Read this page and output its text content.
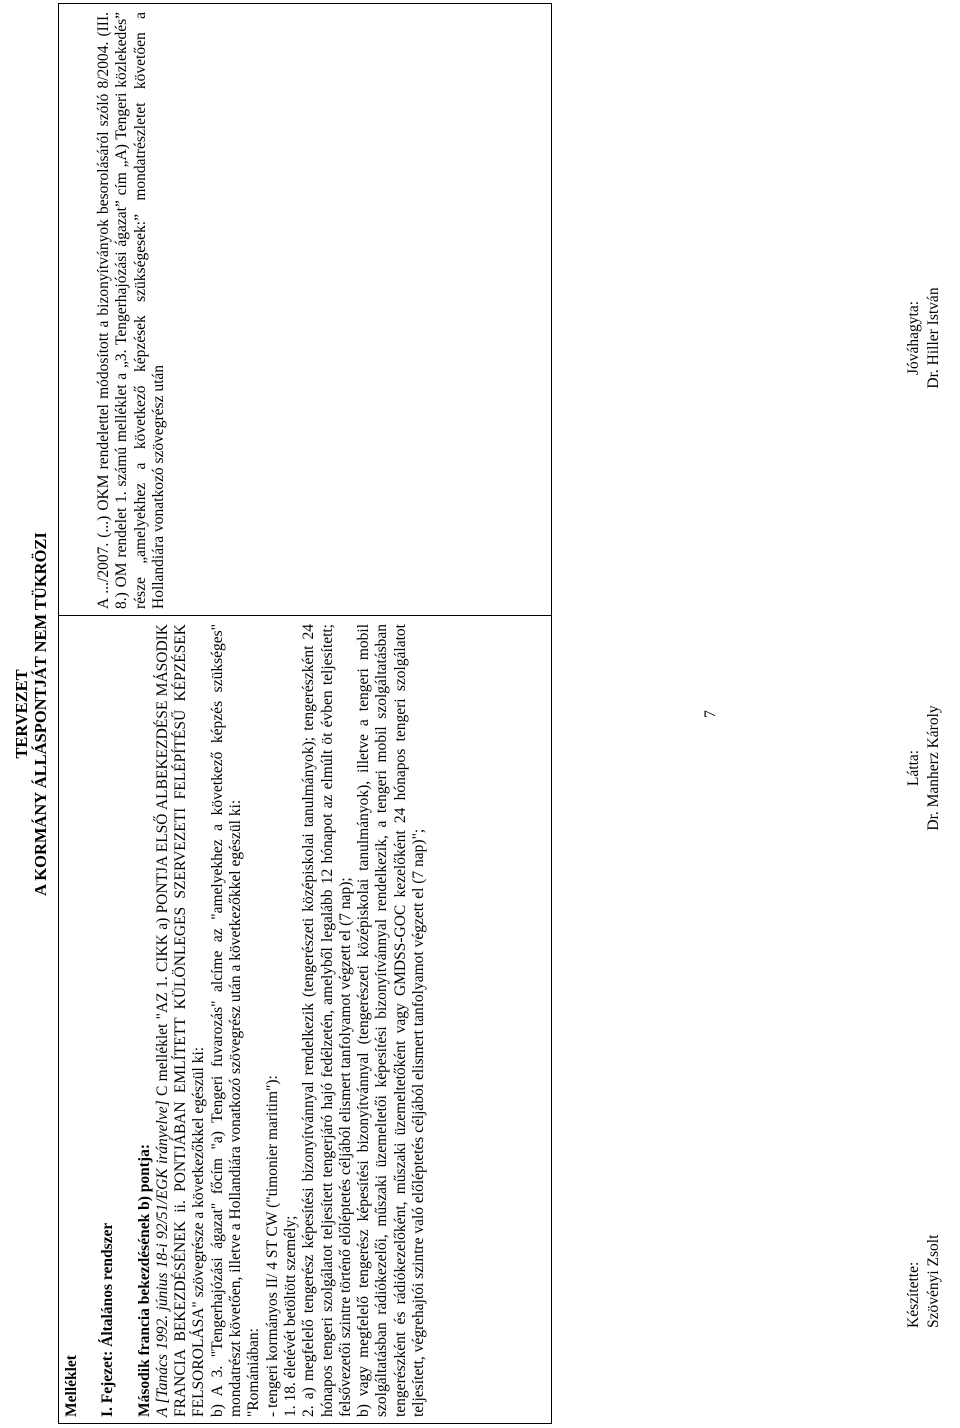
TERVEZET A KORMÁNY ÁLLÁSPONTJÁT NEM TÜKRÖZI
Melléklet I. Fejezet: Általános rendszer Második francia bekezdésének b) pontja: A [Tanács 1992. június 18-i 92/51/EGK irányelve] C melléklet "AZ 1. CIKK a) PONTJA ELSŐ ALBEKEZDÉSE MÁSODIK FRANCIA BEKEZDÉSÉNEK ii. PONTJÁBAN EMLÍTETT KÜLÖNLEGES SZERVEZETI FELÉPÍTÉSŰ KÉPZÉSEK FELSOROLÁSA" szövegrésze a következőkkel egészül ki: b) A 3. "Tengerhajózási ágazat" főcím "a) Tengeri fuvarozás" alcíme az "amelyekhez a következő képzés szükséges" mondatrészt követően, illetve a Hollandiára vonatkozó szövegrész után a következőkkel egészül ki: "Romániában: - tengeri kormányos II/ 4 ST CW ("timonier maritim"): 1. 18. életévét betöltött személy; 2. a) megfelelő tengerész képesítési bizonyítvánnyal rendelkezik (tengerészeti középiskolai tanulmányok); tengerészként 24 hónapos tengeri szolgálatot teljesített tengerjáró hajó fedélzetén, amelyből legalább 12 hónapot az elmúlt öt évben teljesített; felsővezetői szintre történő előléptetés céljából elismert tanfolyamot végzett el (7 nap); b) vagy megfelelő tengerész képesítési bizonyítvánnyal (tengerészeti középiskolai tanulmányok), illetve a tengeri mobil szolgáltatásban rádiókezelői, műszaki üzemeltetői képesítési bizonyítvánnyal rendelkezik, a tengeri mobil szolgáltatásban tengerészként és rádiókezelőként, műszaki üzemeltetőként vagy GMDSS-GOC kezelőként 24 hónapos tengeri szolgálatot teljesített, végrehajtói szintre való előléptetés céljából elismert tanfolyamot végzett el (7 nap)";
A .../2007. (...) OKM rendelettel módosított a bizonyítványok besorolásáról szóló 8/2004. (III. 8.) OM rendelet 1. számú melléklet a „3. Tengerhajózási ágazat” cím „A) Tengeri közlekedés” része „amelyekhez a következő képzések szükségesek:” mondatrészletet követően a Hollandiára vonatkozó szövegrész után
7
Készítette: Szövényi Zsolt
Látta: Dr. Manherz Károly
Jóváhagyta: Dr. Hiller István
